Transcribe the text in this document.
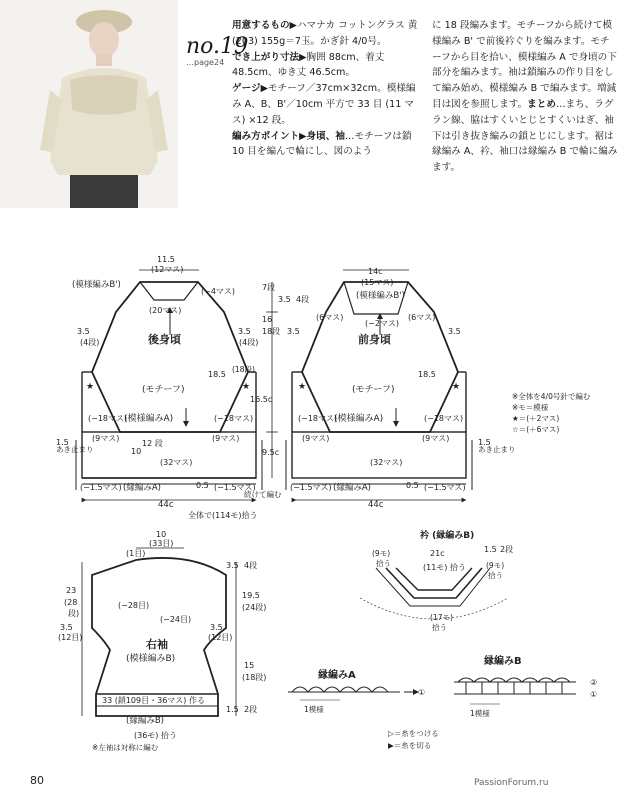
no.19
…page24

用意するもの▶ハマナカ コットングラス 黄 (203) 155g＝7玉。かぎ針 4/0号。

でき上がり寸法▶胸囲 88cm、着丈 48.5cm、ゆき丈 46.5cm。

ゲージ▶モチーフ／37cm×32cm。模様編み A、B、B'／10cm 平方で 33 目 (11 マス) ×12 段。

編み方ポイント▶身頃、袖…モチーフは鎖 10 目を編んで輪にし、図のよう

に 18 段編みます。モチーフから続けて模様編み B' で前後衿ぐりを編みます。モチーフから目を拾い、模様編み A で身頃の下部分を編みます。袖は鎖編みの作り目をして編み始め、模様編み B で編みます。増減目は図を参照します。まとめ…まち、ラグラン線、脇はすくいとじとすくいはぎ、袖下は引き抜き編みの鎖とじにします。裾は縁編み A、衿、袖口は縁編み B で輪に編みます。

11.5
(12マス)
(模様編みB')
(−4マス)
(20マス)
後身頃
(モチーフ)
(模様編みA)
(−18マス)	(−18マス)
(9マス)	(9マス)
12 段
10
(32マス)
(縁編みA)
(−1.5マス)	(−1.5マス)
44c
3.5
(4段)
3.5
(4段)
18.5
(18段)
★	★
14c
(15マス)
(模様編みB')
(6マス)	(6マス)
(−2マス)
前身頃
(モチーフ)
(模様編みA)
(−18マス)	(−18マス)
(9マス)	(9マス)
(32マス)
(縁編みA)
(−1.5マス)	(−1.5マス)
44c
18.5
★	★
3.5	3.5
7段
3.5 4段
16
18段
16.5c
9.5c
0.5	0.5
続けて編む
全体で(114モ)拾う
あき止まり
1.5
あき止まり
1.5
※全体を4/0号針で編む
※モ＝模様
★＝(＋2マス)
☆＝(＋6マス)
10
(33目)
(1目)
(−28目)
(−24目)
右袖
(模様編みB)
33 (鎖109目・36マス) 作る
(縁編みB)
(36モ) 拾う
23
(28
段)
3.5
(12目)
3.5
(12目)
3.5 4段
19.5
(24段)
15
(18段)
1.5 2段
※左袖は対称に編む
衿 (縁編みB)
21c
(11モ) 拾う
(9モ)
拾う	(9モ)
拾う
(17モ)
拾う
1.5 2段
縁編みA
①
1模様
縁編みB
②
①
1模様
▷＝糸をつける
▶＝糸を切る
80	PassionForum.ru
